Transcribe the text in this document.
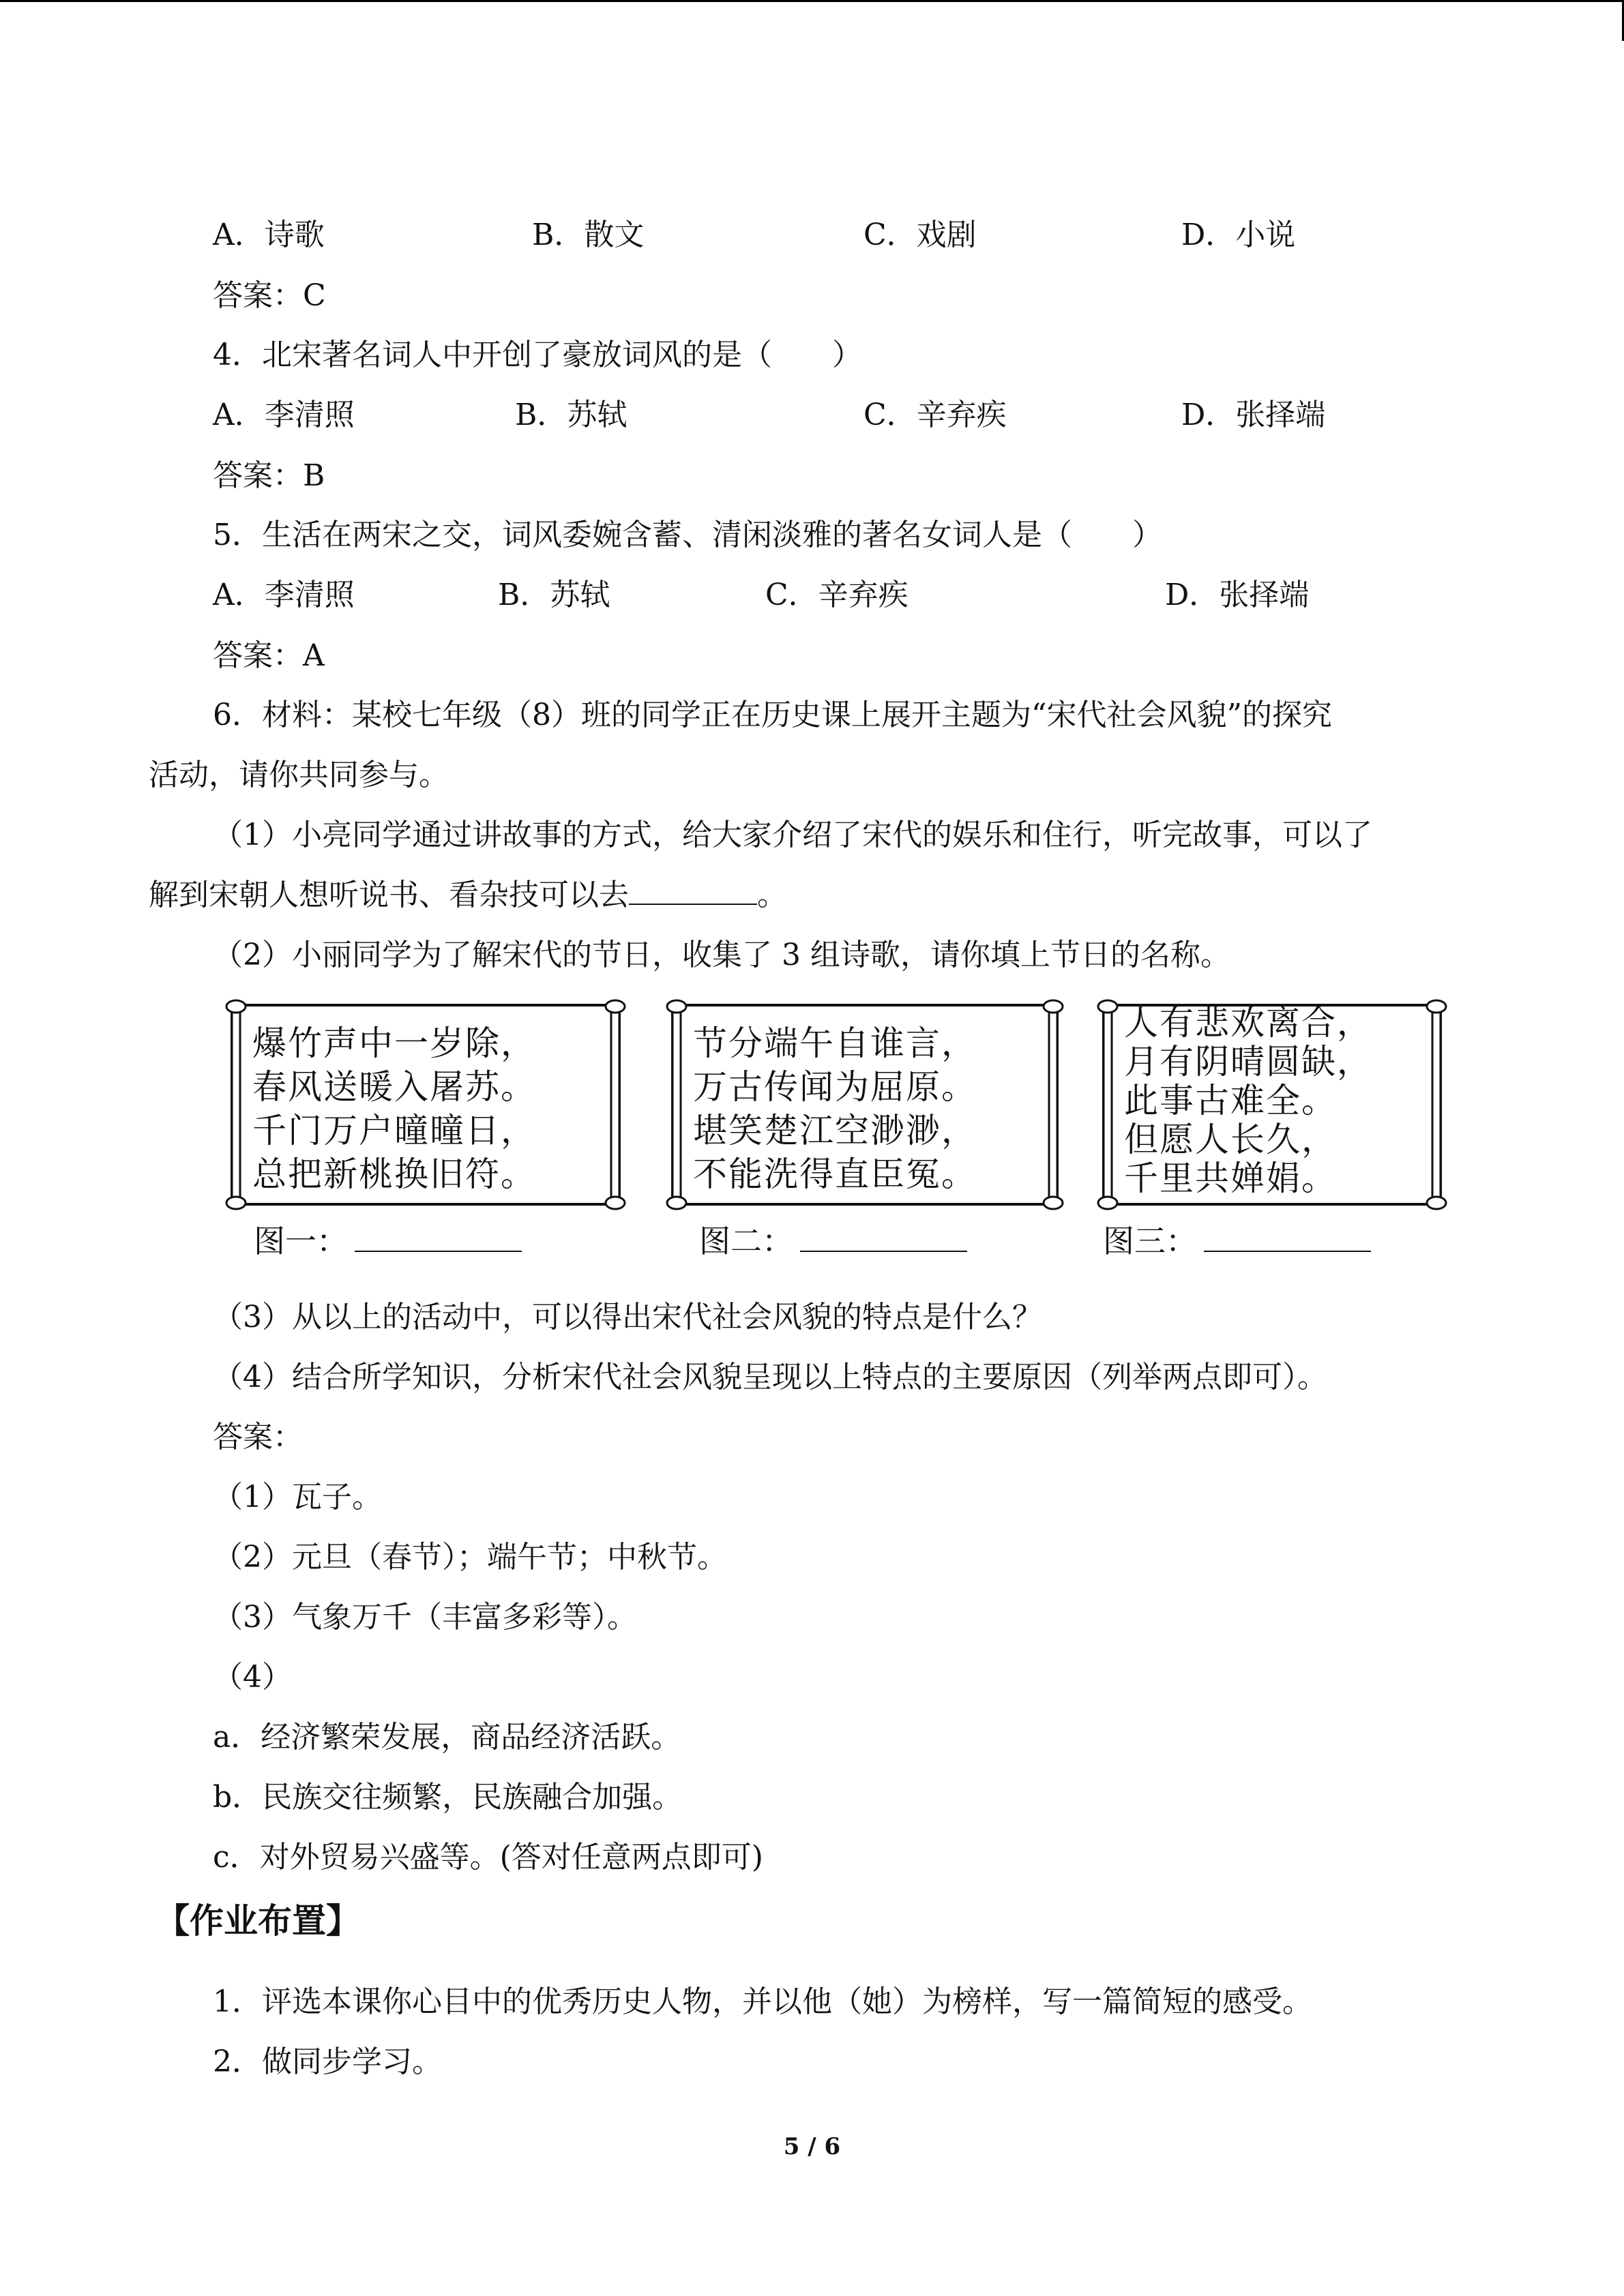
A．诗歌	B．散文	C．戏剧	D．小说
答案：C
4．北宋著名词人中开创了豪放词风的是（　　）
A．李清照	B．苏轼	C．辛弃疾	D．张择端
答案：B
5．生活在两宋之交，词风委婉含蓄、清闲淡雅的著名女词人是（　　）
A．李清照	B．苏轼	C．辛弃疾	D．张择端
答案：A
6．材料：某校七年级（8）班的同学正在历史课上展开主题为“宋代社会风貌”的探究
活动，请你共同参与。
（1）小亮同学通过讲故事的方式，给大家介绍了宋代的娱乐和住行，听完故事，可以了
解到宋朝人想听说书、看杂技可以去	。
（2）小丽同学为了解宋代的节日，收集了 3 组诗歌，请你填上节日的名称。
爆竹声中一岁除，
春风送暖入屠苏。
千门万户曈曈日，
总把新桃换旧符。
节分端午自谁言，
万古传闻为屈原。
堪笑楚江空渺渺，
不能洗得直臣冤。
人有悲欢离合，
月有阴晴圆缺，
此事古难全。
但愿人长久，
千里共婵娟。
图一：	图二：	图三：
（3）从以上的活动中，可以得出宋代社会风貌的特点是什么？
（4）结合所学知识，分析宋代社会风貌呈现以上特点的主要原因（列举两点即可）。
答案：
（1）瓦子。
（2）元旦（春节）；端午节；中秋节。
（3）气象万千（丰富多彩等）。
（4）
a．经济繁荣发展，商品经济活跃。
b．民族交往频繁，民族融合加强。
c．对外贸易兴盛等。(答对任意两点即可)
【作业布置】
1．评选本课你心目中的优秀历史人物，并以他（她）为榜样，写一篇简短的感受。
2．做同步学习。
5 / 6
